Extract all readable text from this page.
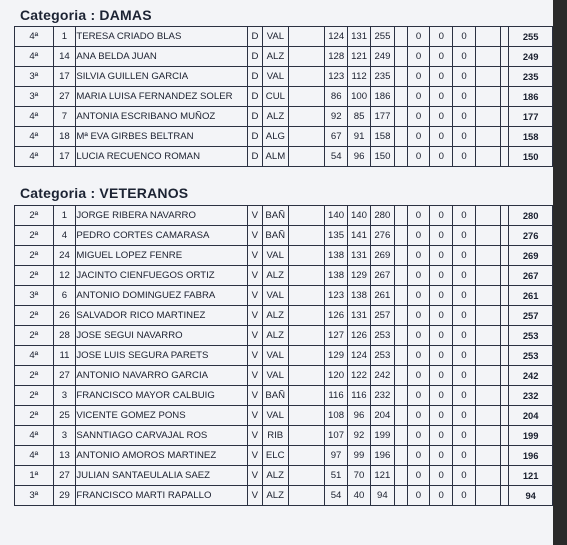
Categoria : DAMAS
4ª	1	TERESA CRIADO BLAS	D	VAL		124	131	255		0	0	0			255
4ª	14	ANA BELDA JUAN	D	ALZ		128	121	249		0	0	0			249
3ª	17	SILVIA GUILLEN GARCIA	D	VAL		123	112	235		0	0	0			235
3ª	27	MARIA LUISA FERNANDEZ SOLER	D	CUL		86	100	186		0	0	0			186
4ª	7	ANTONIA ESCRIBANO MUÑOZ	D	ALZ		92	85	177		0	0	0			177
4ª	18	Mª EVA GIRBES BELTRAN	D	ALG		67	91	158		0	0	0			158
4ª	17	LUCIA RECUENCO ROMAN	D	ALM		54	96	150		0	0	0			150
Categoria : VETERANOS
2ª	1	JORGE RIBERA NAVARRO	V	BAÑ		140	140	280		0	0	0			280
2ª	4	PEDRO CORTES CAMARASA	V	BAÑ		135	141	276		0	0	0			276
2ª	24	MIGUEL LOPEZ FENRE	V	VAL		138	131	269		0	0	0			269
2ª	12	JACINTO CIENFUEGOS ORTIZ	V	ALZ		138	129	267		0	0	0			267
3ª	6	ANTONIO DOMINGUEZ FABRA	V	VAL		123	138	261		0	0	0			261
2ª	26	SALVADOR RICO MARTINEZ	V	ALZ		126	131	257		0	0	0			257
2ª	28	JOSE SEGUI NAVARRO	V	ALZ		127	126	253		0	0	0			253
4ª	11	JOSE LUIS SEGURA PARETS	V	VAL		129	124	253		0	0	0			253
2ª	27	ANTONIO NAVARRO GARCIA	V	VAL		120	122	242		0	0	0			242
2ª	3	FRANCISCO MAYOR CALBUIG	V	BAÑ		116	116	232		0	0	0			232
2ª	25	VICENTE GOMEZ PONS	V	VAL		108	96	204		0	0	0			204
4ª	3	SANNTIAGO CARVAJAL ROS	V	RIB		107	92	199		0	0	0			199
4ª	13	ANTONIO AMOROS MARTINEZ	V	ELC		97	99	196		0	0	0			196
1ª	27	JULIAN SANTAEULALIA SAEZ	V	ALZ		51	70	121		0	0	0			121
3ª	29	FRANCISCO MARTI RAPALLO	V	ALZ		54	40	94		0	0	0			94
